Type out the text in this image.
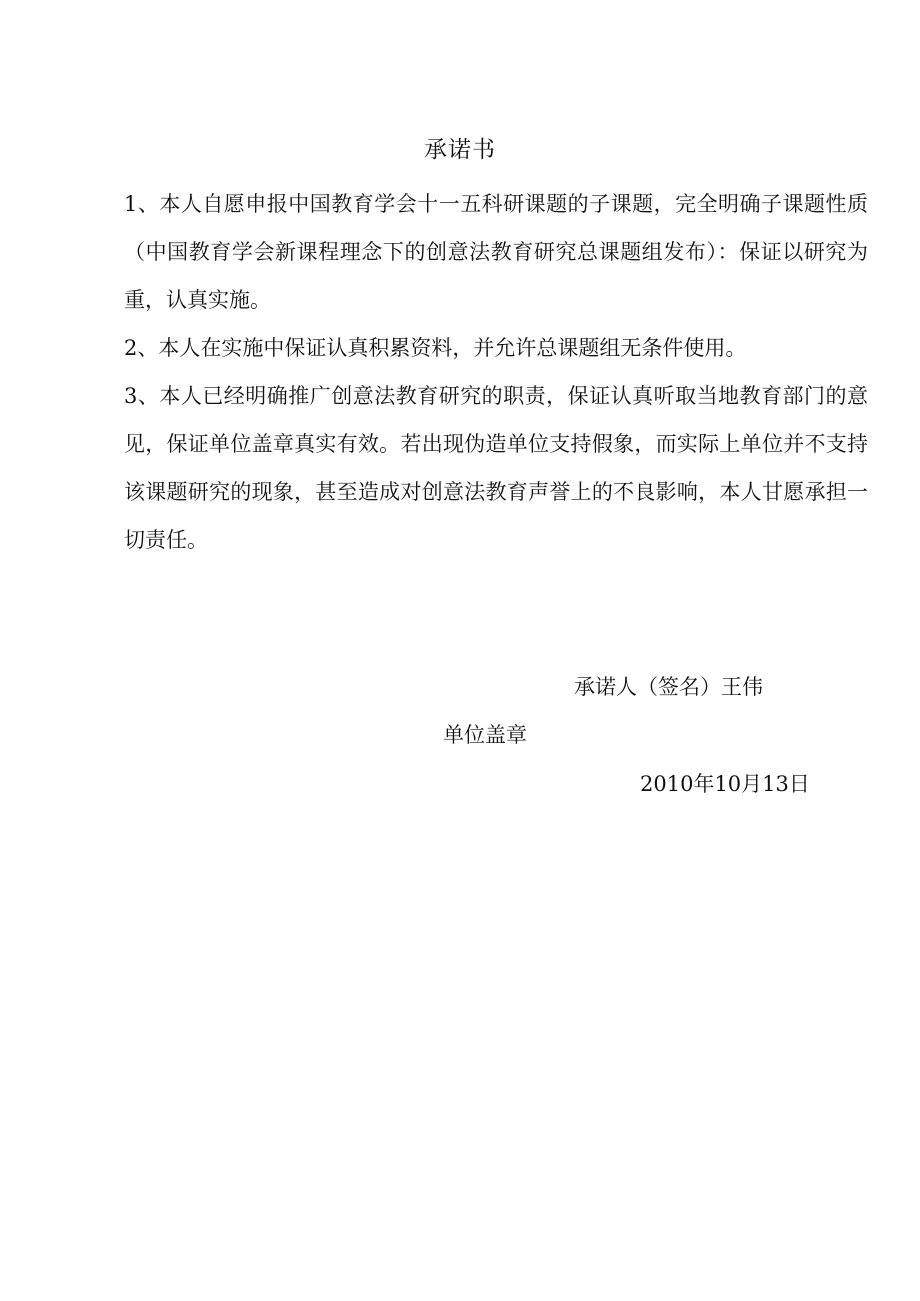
承诺书

1、本人自愿申报中国教育学会十一五科研课题的子课题，完全明确子课题性质（中国教育学会新课程理念下的创意法教育研究总课题组发布）：保证以研究为重，认真实施。

2、本人在实施中保证认真积累资料，并允许总课题组无条件使用。

3、本人已经明确推广创意法教育研究的职责，保证认真听取当地教育部门的意见，保证单位盖章真实有效。若出现伪造单位支持假象，而实际上单位并不支持该课题研究的现象，甚至造成对创意法教育声誉上的不良影响，本人甘愿承担一切责任。

承诺人（签名）王伟
单位盖章
2010年10月13日
